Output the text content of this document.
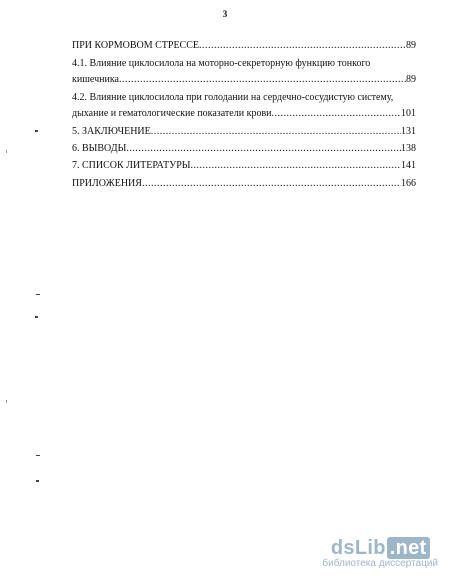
3
ПРИ КОРМОВОМ СТРЕССЕ .....	89
4.1. Влияние циклосилола на моторно-секреторную функцию тонкого
кишечника .....	89
4.2. Влияние циклосилола при голодании на сердечно-сосудистую систему,
дыхание и гематологические показатели крови .....	101
5. ЗАКЛЮЧЕНИЕ .....	131
6. ВЫВОДЫ .....	138
7. СПИСОК ЛИТЕРАТУРЫ .....	141
ПРИЛОЖЕНИЯ .....	166
dsLib .net
библиотека диссертаций
